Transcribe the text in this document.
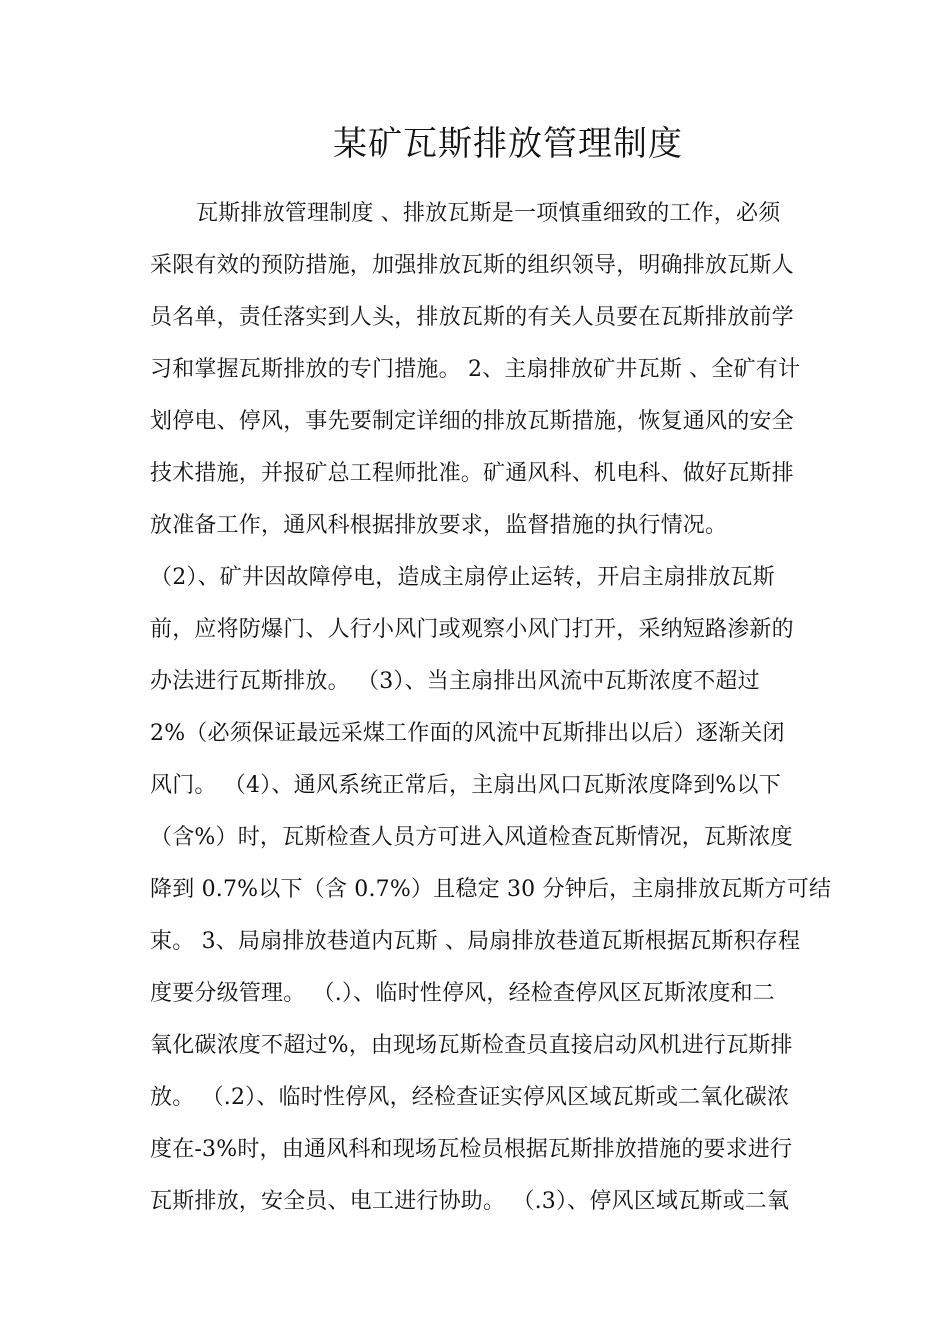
某矿瓦斯排放管理制度
瓦斯排放管理制度 、排放瓦斯是一项慎重细致的工作，必须
采限有效的预防措施，加强排放瓦斯的组织领导，明确排放瓦斯人
员名单，责任落实到人头，排放瓦斯的有关人员要在瓦斯排放前学
习和掌握瓦斯排放的专门措施。 2、主扇排放矿井瓦斯 、全矿有计
划停电、停风，事先要制定详细的排放瓦斯措施，恢复通风的安全
技术措施，并报矿总工程师批准。矿通风科、机电科、做好瓦斯排
放准备工作，通风科根据排放要求，监督措施的执行情况。
（2）、矿井因故障停电，造成主扇停止运转，开启主扇排放瓦斯
前，应将防爆门、人行小风门或观察小风门打开，采纳短路渗新的
办法进行瓦斯排放。 （3）、当主扇排出风流中瓦斯浓度不超过
2%（必须保证最远采煤工作面的风流中瓦斯排出以后）逐渐关闭
风门。 （4）、通风系统正常后，主扇出风口瓦斯浓度降到%以下
（含%）时，瓦斯检查人员方可进入风道检查瓦斯情况，瓦斯浓度
降到 0.7%以下（含 0.7%）且稳定 30 分钟后，主扇排放瓦斯方可结
束。 3、局扇排放巷道内瓦斯 、局扇排放巷道瓦斯根据瓦斯积存程
度要分级管理。 （.）、临时性停风，经检查停风区瓦斯浓度和二
氧化碳浓度不超过%，由现场瓦斯检查员直接启动风机进行瓦斯排
放。 （.2）、临时性停风，经检查证实停风区域瓦斯或二氧化碳浓
度在-3%时，由通风科和现场瓦检员根据瓦斯排放措施的要求进行
瓦斯排放，安全员、电工进行协助。 （.3）、停风区域瓦斯或二氧
